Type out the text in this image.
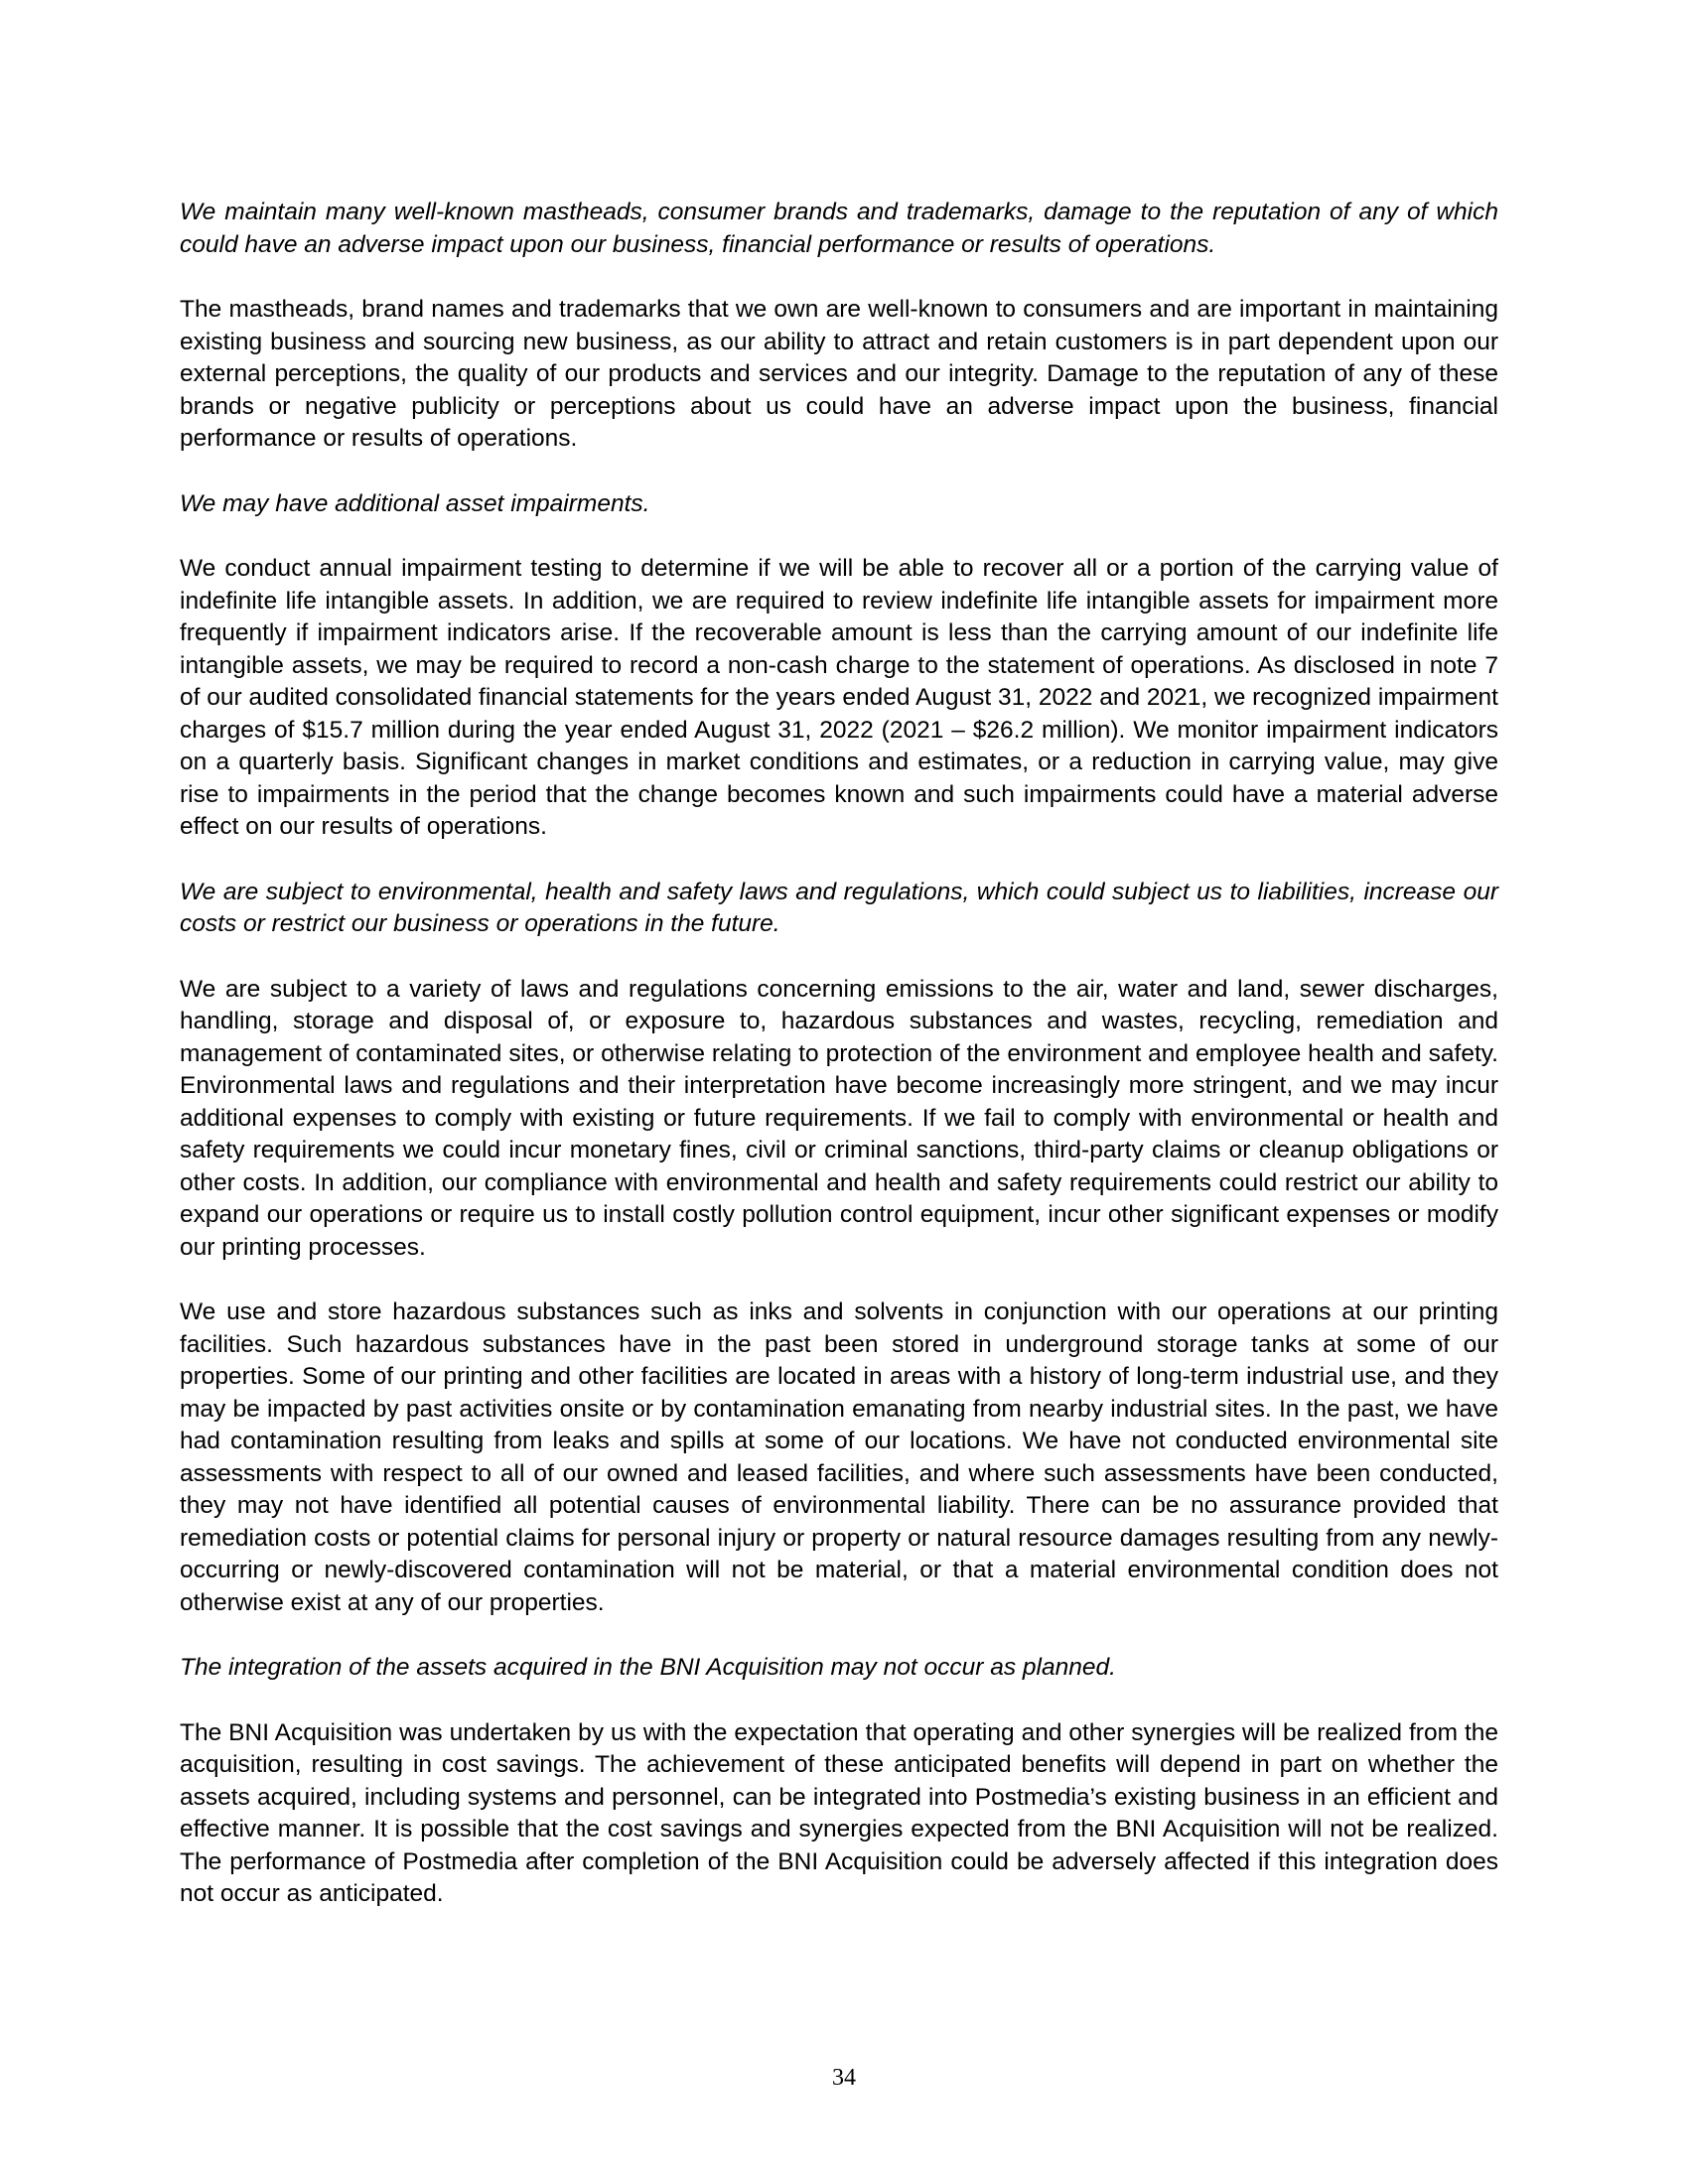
We maintain many well-known mastheads, consumer brands and trademarks, damage to the reputation of any of which could have an adverse impact upon our business, financial performance or results of operations.

The mastheads, brand names and trademarks that we own are well-known to consumers and are important in maintaining existing business and sourcing new business, as our ability to attract and retain customers is in part dependent upon our external perceptions, the quality of our products and services and our integrity. Damage to the reputation of any of these brands or negative publicity or perceptions about us could have an adverse impact upon the business, financial performance or results of operations.

We may have additional asset impairments.

We conduct annual impairment testing to determine if we will be able to recover all or a portion of the carrying value of indefinite life intangible assets. In addition, we are required to review indefinite life intangible assets for impairment more frequently if impairment indicators arise. If the recoverable amount is less than the carrying amount of our indefinite life intangible assets, we may be required to record a non-cash charge to the statement of operations. As disclosed in note 7 of our audited consolidated financial statements for the years ended August 31, 2022 and 2021, we recognized impairment charges of $15.7 million during the year ended August 31, 2022 (2021 – $26.2 million). We monitor impairment indicators on a quarterly basis. Significant changes in market conditions and estimates, or a reduction in carrying value, may give rise to impairments in the period that the change becomes known and such impairments could have a material adverse effect on our results of operations.

We are subject to environmental, health and safety laws and regulations, which could subject us to liabilities, increase our costs or restrict our business or operations in the future.

We are subject to a variety of laws and regulations concerning emissions to the air, water and land, sewer discharges, handling, storage and disposal of, or exposure to, hazardous substances and wastes, recycling, remediation and management of contaminated sites, or otherwise relating to protection of the environment and employee health and safety. Environmental laws and regulations and their interpretation have become increasingly more stringent, and we may incur additional expenses to comply with existing or future requirements. If we fail to comply with environmental or health and safety requirements we could incur monetary fines, civil or criminal sanctions, third-party claims or cleanup obligations or other costs. In addition, our compliance with environmental and health and safety requirements could restrict our ability to expand our operations or require us to install costly pollution control equipment, incur other significant expenses or modify our printing processes.

We use and store hazardous substances such as inks and solvents in conjunction with our operations at our printing facilities. Such hazardous substances have in the past been stored in underground storage tanks at some of our properties. Some of our printing and other facilities are located in areas with a history of long-term industrial use, and they may be impacted by past activities onsite or by contamination emanating from nearby industrial sites. In the past, we have had contamination resulting from leaks and spills at some of our locations. We have not conducted environmental site assessments with respect to all of our owned and leased facilities, and where such assessments have been conducted, they may not have identified all potential causes of environmental liability. There can be no assurance provided that remediation costs or potential claims for personal injury or property or natural resource damages resulting from any newly-occurring or newly-discovered contamination will not be material, or that a material environmental condition does not otherwise exist at any of our properties.

The integration of the assets acquired in the BNI Acquisition may not occur as planned.

The BNI Acquisition was undertaken by us with the expectation that operating and other synergies will be realized from the acquisition, resulting in cost savings. The achievement of these anticipated benefits will depend in part on whether the assets acquired, including systems and personnel, can be integrated into Postmedia’s existing business in an efficient and effective manner. It is possible that the cost savings and synergies expected from the BNI Acquisition will not be realized. The performance of Postmedia after completion of the BNI Acquisition could be adversely affected if this integration does not occur as anticipated.

34
